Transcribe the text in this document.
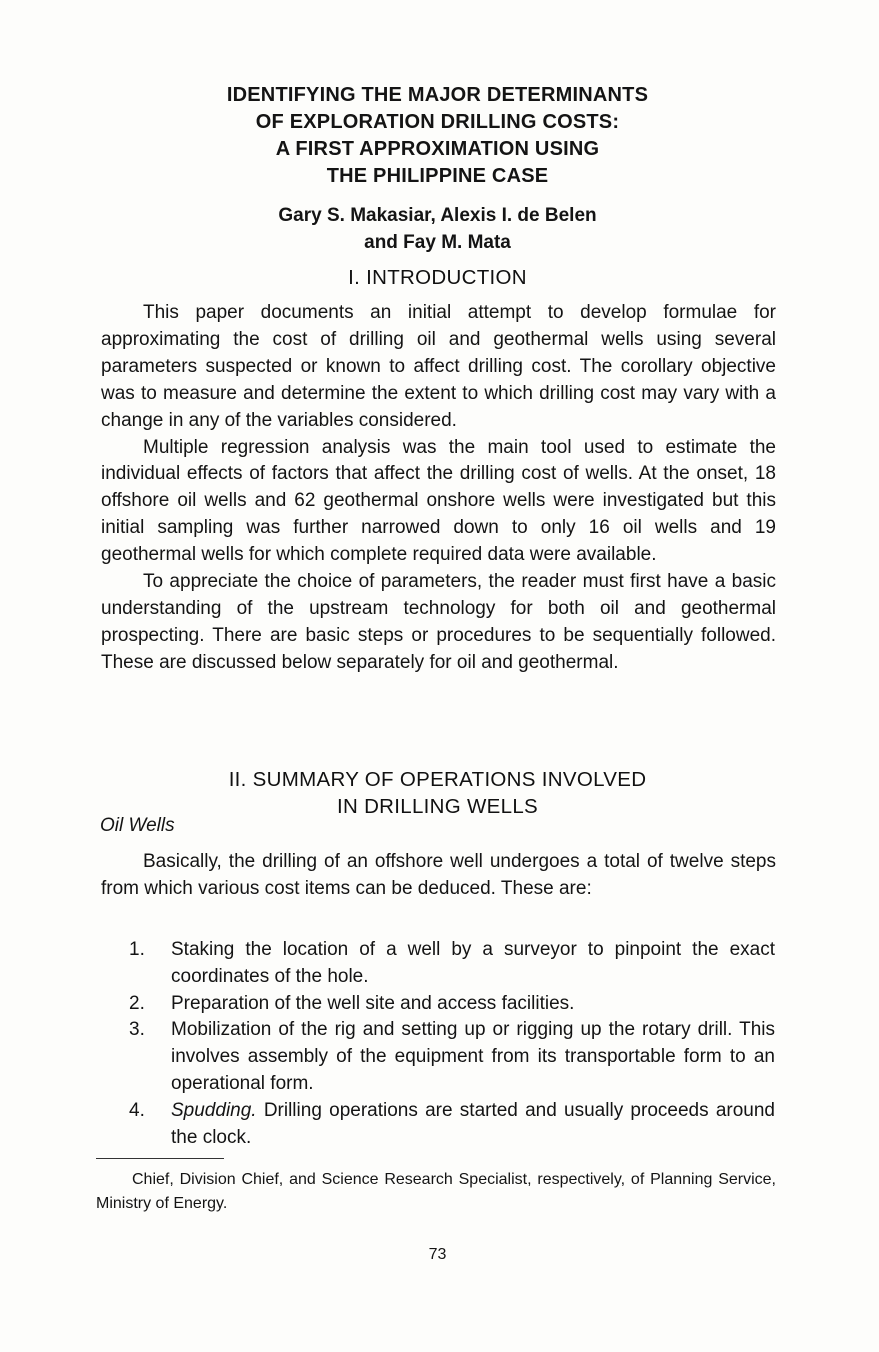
IDENTIFYING THE MAJOR DETERMINANTS
OF EXPLORATION DRILLING COSTS:
A FIRST APPROXIMATION USING
THE PHILIPPINE CASE
Gary S. Makasiar, Alexis I. de Belen
and Fay M. Mata
I. INTRODUCTION

This paper documents an initial attempt to develop formulae for approximating the cost of drilling oil and geothermal wells using several parameters suspected or known to affect drilling cost. The corollary objective was to measure and determine the extent to which drilling cost may vary with a change in any of the variables considered.

Multiple regression analysis was the main tool used to estimate the individual effects of factors that affect the drilling cost of wells. At the onset, 18 offshore oil wells and 62 geothermal onshore wells were investigated but this initial sampling was further narrowed down to only 16 oil wells and 19 geothermal wells for which complete required data were available.

To appreciate the choice of parameters, the reader must first have a basic understanding of the upstream technology for both oil and geothermal prospecting. There are basic steps or procedures to be sequentially followed. These are discussed below separately for oil and geothermal.

II. SUMMARY OF OPERATIONS INVOLVED
IN DRILLING WELLS
Oil Wells

Basically, the drilling of an offshore well undergoes a total of twelve steps from which various cost items can be deduced. These are:

1. Staking the location of a well by a surveyor to pinpoint the exact coordinates of the hole.
2. Preparation of the well site and access facilities.
3. Mobilization of the rig and setting up or rigging up the rotary drill. This involves assembly of the equipment from its transportable form to an operational form.
4. Spudding. Drilling operations are started and usually proceeds around the clock.

Chief, Division Chief, and Science Research Specialist, respectively, of Planning Service, Ministry of Energy.

73
